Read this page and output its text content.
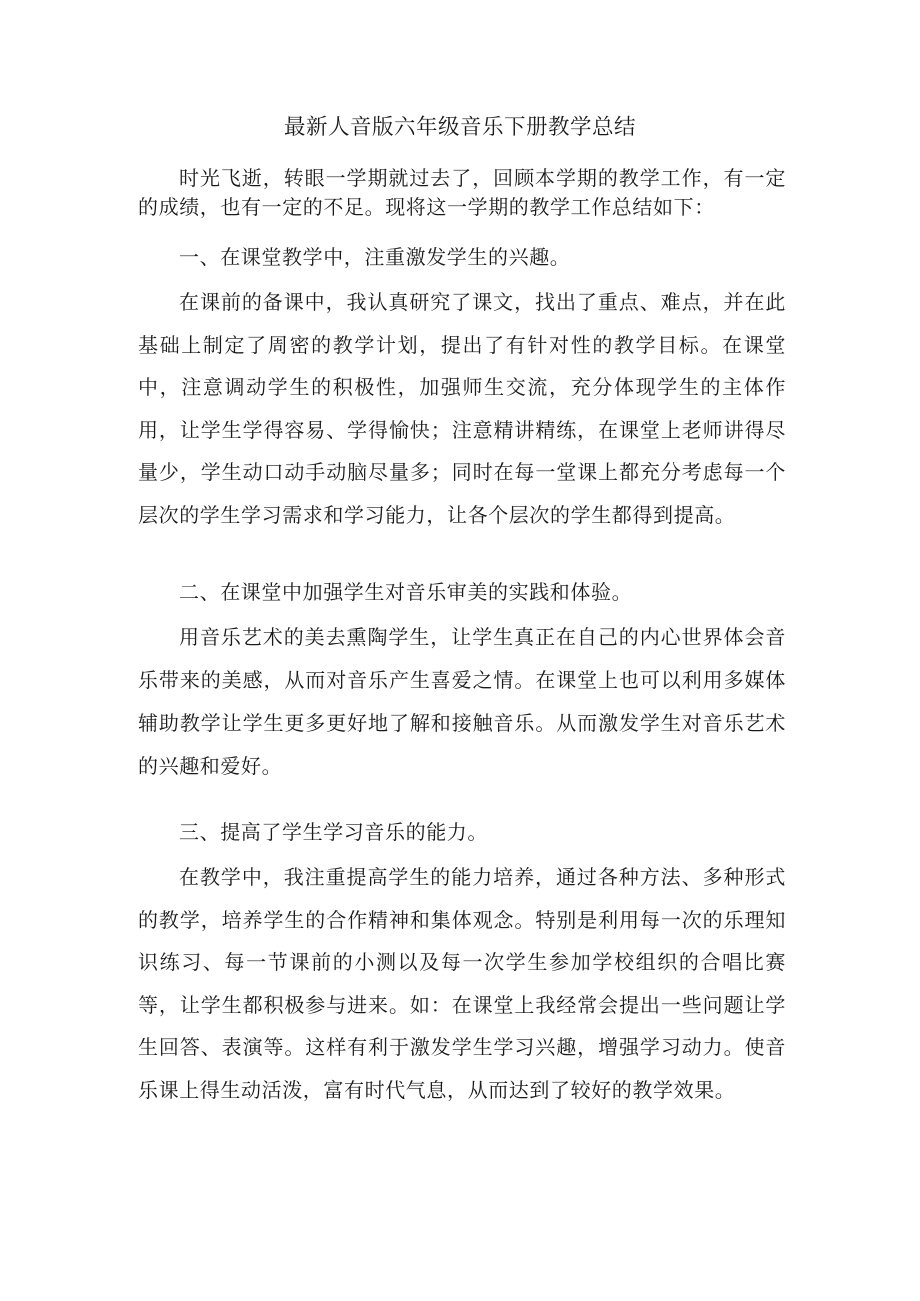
最新人音版六年级音乐下册教学总结

时光飞逝，转眼一学期就过去了，回顾本学期的教学工作，有一定的成绩，也有一定的不足。现将这一学期的教学工作总结如下：

一、在课堂教学中，注重激发学生的兴趣。

在课前的备课中，我认真研究了课文，找出了重点、难点，并在此基础上制定了周密的教学计划，提出了有针对性的教学目标。在课堂中，注意调动学生的积极性，加强师生交流，充分体现学生的主体作用，让学生学得容易、学得愉快；注意精讲精练，在课堂上老师讲得尽量少，学生动口动手动脑尽量多；同时在每一堂课上都充分考虑每一个层次的学生学习需求和学习能力，让各个层次的学生都得到提高。

二、在课堂中加强学生对音乐审美的实践和体验。

用音乐艺术的美去熏陶学生，让学生真正在自己的内心世界体会音乐带来的美感，从而对音乐产生喜爱之情。在课堂上也可以利用多媒体辅助教学让学生更多更好地了解和接触音乐。从而激发学生对音乐艺术的兴趣和爱好。

三、提高了学生学习音乐的能力。

在教学中，我注重提高学生的能力培养，通过各种方法、多种形式的教学，培养学生的合作精神和集体观念。特别是利用每一次的乐理知识练习、每一节课前的小测以及每一次学生参加学校组织的合唱比赛等，让学生都积极参与进来。如：在课堂上我经常会提出一些问题让学生回答、表演等。这样有利于激发学生学习兴趣，增强学习动力。使音乐课上得生动活泼，富有时代气息，从而达到了较好的教学效果。
